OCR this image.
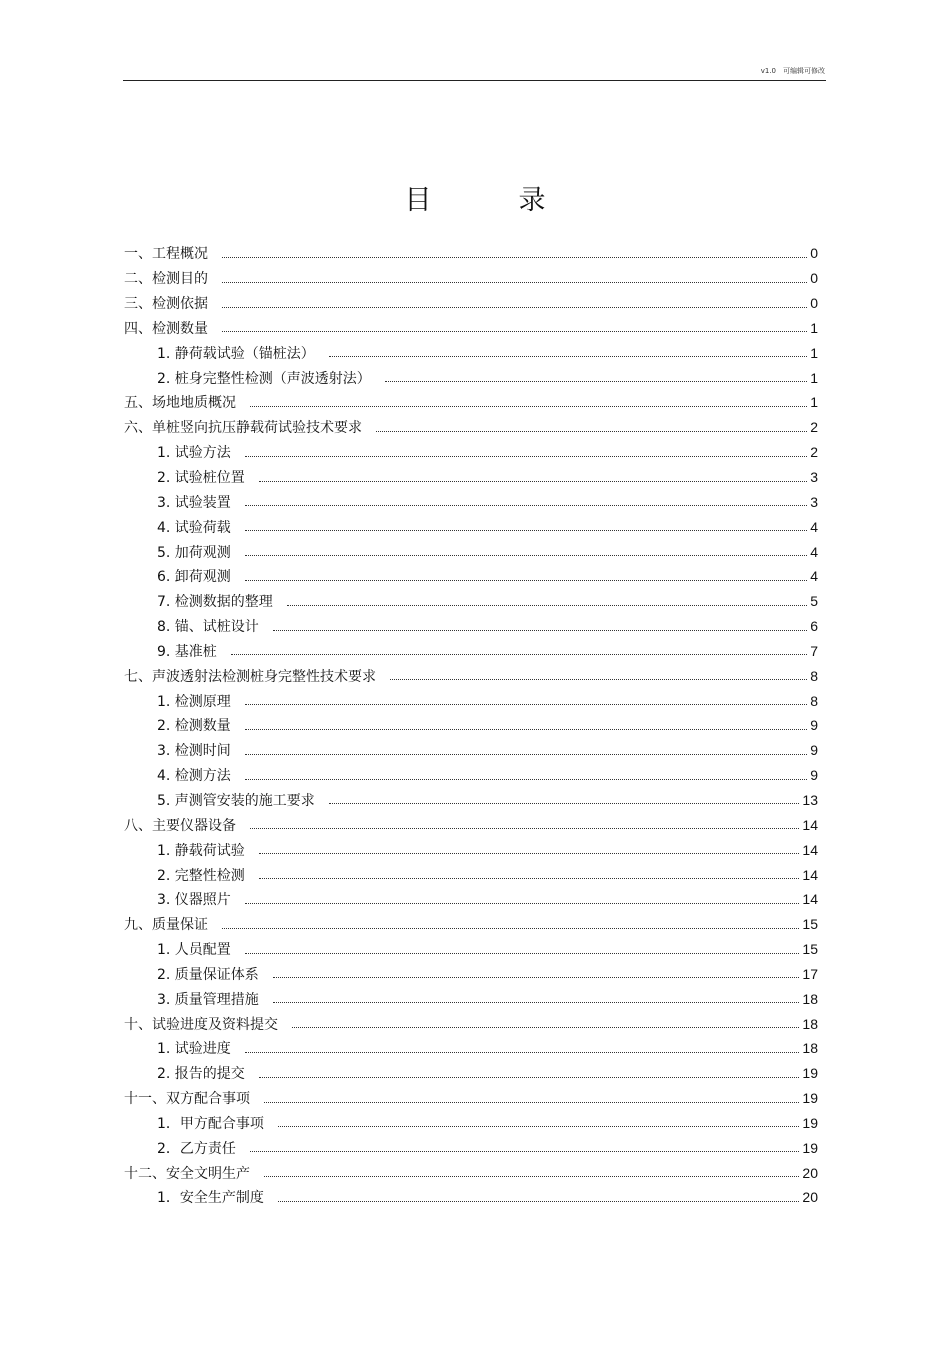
v1.0　可编辑可修改
目　录
一、工程概况	0
二、检测目的	0
三、检测依据	0
四、检测数量	1
1. 静荷载试验（锚桩法）	1
2. 桩身完整性检测（声波透射法）	1
五、场地地质概况	1
六、单桩竖向抗压静载荷试验技术要求	2
1. 试验方法	2
2. 试验桩位置	3
3. 试验装置	3
4. 试验荷载	4
5. 加荷观测	4
6. 卸荷观测	4
7. 检测数据的整理	5
8. 锚、试桩设计	6
9. 基准桩	7
七、声波透射法检测桩身完整性技术要求	8
1. 检测原理	8
2. 检测数量	9
3. 检测时间	9
4. 检测方法	9
5. 声测管安装的施工要求	13
八、主要仪器设备	14
1. 静载荷试验	14
2. 完整性检测	14
3. 仪器照片	14
九、质量保证	15
1. 人员配置	15
2. 质量保证体系	17
3. 质量管理措施	18
十、试验进度及资料提交	18
1. 试验进度	18
2. 报告的提交	19
十一、双方配合事项	19
1．甲方配合事项	19
2．乙方责任	19
十二、安全文明生产	20
1．安全生产制度	20
